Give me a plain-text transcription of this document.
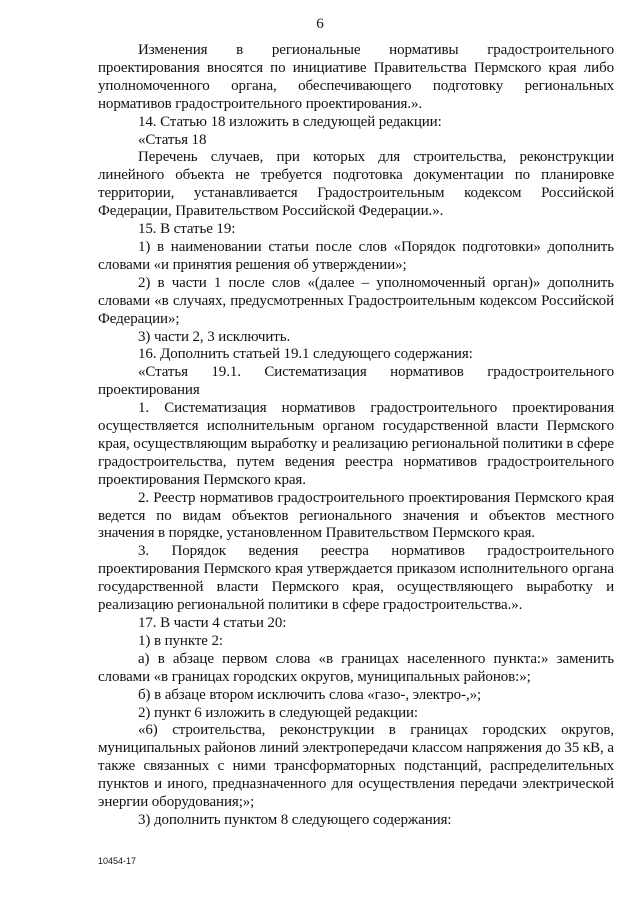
6

Изменения в региональные нормативы градостроительного проектирования вносятся по инициативе Правительства Пермского края либо уполномоченного органа, обеспечивающего подготовку региональных нормативов градостроительного проектирования.».

14. Статью 18 изложить в следующей редакции:

«Статья 18

Перечень случаев, при которых для строительства, реконструкции линейного объекта не требуется подготовка документации по планировке территории, устанавливается Градостроительным кодексом Российской Федерации, Правительством Российской Федерации.».

15. В статье 19:

1) в наименовании статьи после слов «Порядок подготовки» дополнить словами «и принятия решения об утверждении»;

2) в части 1 после слов «(далее – уполномоченный орган)» дополнить словами «в случаях, предусмотренных Градостроительным кодексом Российской Федерации»;

3) части 2, 3 исключить.

16. Дополнить статьей 19.1 следующего содержания:

«Статья 19.1. Систематизация нормативов градостроительного проектирования

1. Систематизация нормативов градостроительного проектирования осуществляется исполнительным органом государственной власти Пермского края, осуществляющим выработку и реализацию региональной политики в сфере градостроительства, путем ведения реестра нормативов градостроительного проектирования Пермского края.

2. Реестр нормативов градостроительного проектирования Пермского края ведется по видам объектов регионального значения и объектов местного значения в порядке, установленном Правительством Пермского края.

3. Порядок ведения реестра нормативов градостроительного проектирования Пермского края утверждается приказом исполнительного органа государственной власти Пермского края, осуществляющего выработку и реализацию региональной политики в сфере градостроительства.».

17. В части 4 статьи 20:

1) в пункте 2:

а) в абзаце первом слова «в границах населенного пункта:» заменить словами «в границах городских округов, муниципальных районов:»;

б) в абзаце втором исключить слова «газо-, электро-,»;

2) пункт 6 изложить в следующей редакции:

«6) строительства, реконструкции в границах городских округов, муниципальных районов линий электропередачи классом напряжения до 35 кВ, а также связанных с ними трансформаторных подстанций, распределительных пунктов и иного, предназначенного для осуществления передачи электрической энергии оборудования;»;

3) дополнить пунктом 8 следующего содержания:

10454-17
